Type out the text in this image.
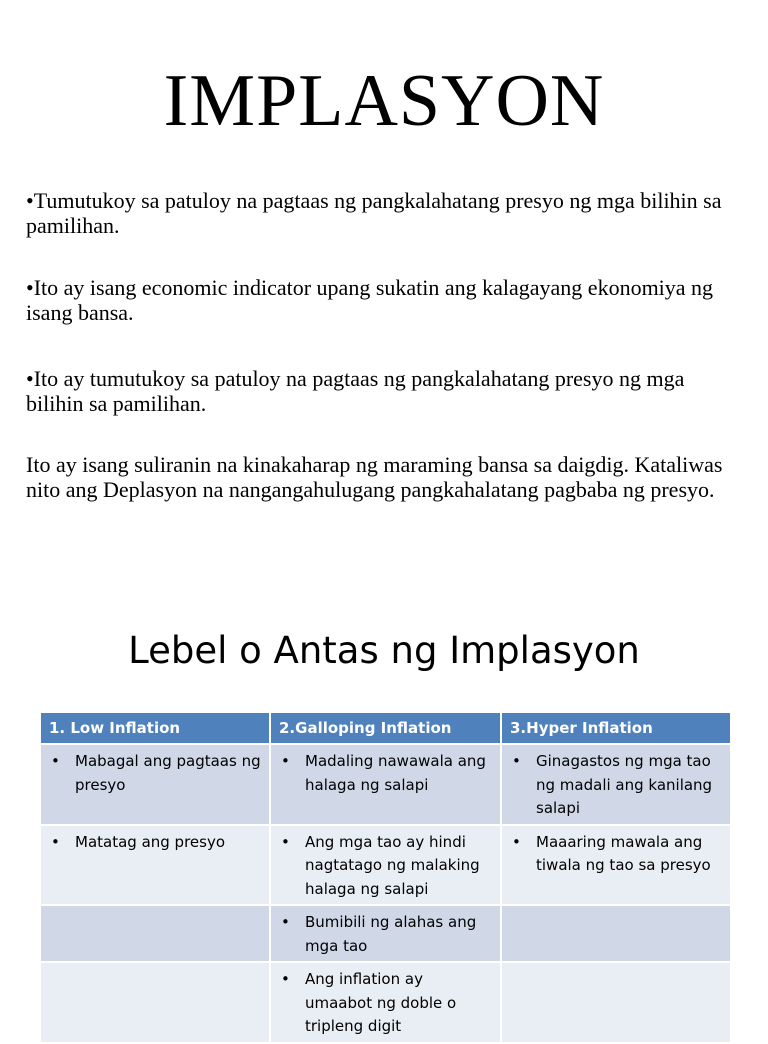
IMPLASYON

•Tumutukoy sa patuloy na pagtaas ng pangkalahatang presyo ng mga bilihin sa pamilihan.

•Ito ay isang economic indicator upang sukatin ang kalagayang ekonomiya ng isang bansa.

•Ito ay tumutukoy sa patuloy na pagtaas ng pangkalahatang presyo ng mga bilihin sa pamilihan.

Ito ay isang suliranin na kinakaharap ng maraming bansa sa daigdig. Kataliwas nito ang Deplasyon na nangangahulugang pangkahalatang pagbaba ng presyo.

Lebel o Antas ng Implasyon
1. Low Inflation	2.Galloping Inflation	3.Hyper Inflation

• Mabagal ang pagtaas ng presyo	• Madaling nawawala ang halaga ng salapi	• Ginagastos ng mga tao ng madali ang kanilang salapi

• Matatag ang presyo	• Ang mga tao ay hindi nagtatago ng malaking halaga ng salapi	• Maaaring mawala ang tiwala ng tao sa presyo

	• Bumibili ng alahas ang mga tao	

	• Ang inflation ay umaabot ng doble o tripleng digit	
